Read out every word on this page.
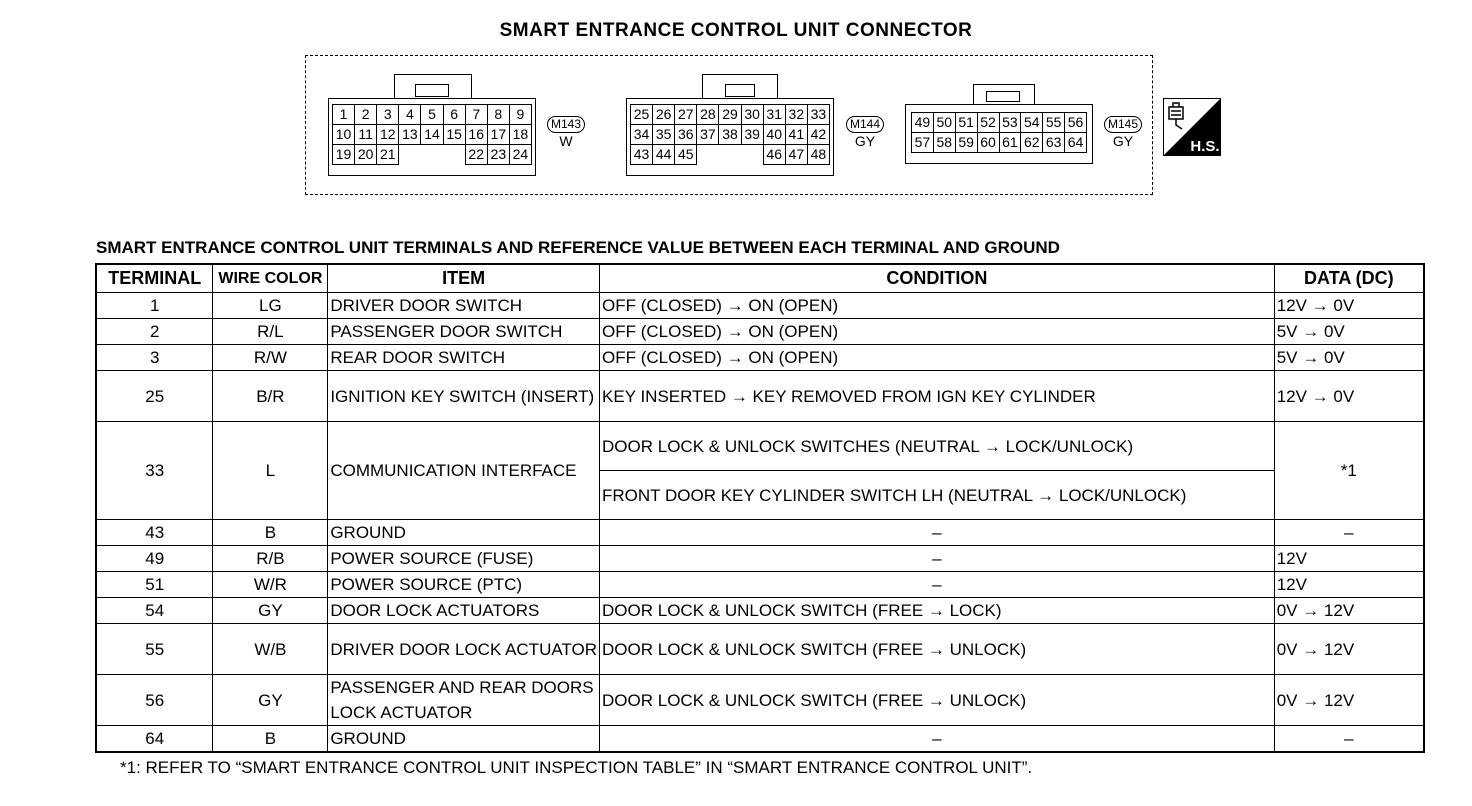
SMART ENTRANCE CONTROL UNIT CONNECTOR
1	2	3	4	5	6	7	8	9
10	11	12	13	14	15	16	17	18
19	20	21				22	23	24
M143
W
25	26	27	28	29	30	31	32	33
34	35	36	37	38	39	40	41	42
43	44	45				46	47	48
M144
GY
49	50	51	52	53	54	55	56
57	58	59	60	61	62	63	64
M145
GY	H.S.
SMART ENTRANCE CONTROL UNIT TERMINALS AND REFERENCE VALUE BETWEEN EACH TERMINAL AND GROUND
TERMINAL	WIRE COLOR	ITEM	CONDITION	DATA (DC)
1	LG	DRIVER DOOR SWITCH	OFF (CLOSED) → ON (OPEN)	12V → 0V
2	R/L	PASSENGER DOOR SWITCH	OFF (CLOSED) → ON (OPEN)	5V → 0V
3	R/W	REAR DOOR SWITCH	OFF (CLOSED) → ON (OPEN)	5V → 0V
25	B/R	IGNITION KEY SWITCH (INSERT)	KEY INSERTED → KEY REMOVED FROM IGN KEY CYLINDER	12V → 0V
33	L	COMMUNICATION INTERFACE	DOOR LOCK & UNLOCK SWITCHES (NEUTRAL → LOCK/UNLOCK)	*1
			FRONT DOOR KEY CYLINDER SWITCH LH (NEUTRAL → LOCK/UNLOCK)	
43	B	GROUND	–	–
49	R/B	POWER SOURCE (FUSE)	–	12V
51	W/R	POWER SOURCE (PTC)	–	12V
54	GY	DOOR LOCK ACTUATORS	DOOR LOCK & UNLOCK SWITCH (FREE → LOCK)	0V → 12V
55	W/B	DRIVER DOOR LOCK ACTUATOR	DOOR LOCK & UNLOCK SWITCH (FREE → UNLOCK)	0V → 12V
56	GY	PASSENGER AND REAR DOORS LOCK ACTUATOR	DOOR LOCK & UNLOCK SWITCH (FREE → UNLOCK)	0V → 12V
64	B	GROUND	–	–
*1: REFER TO “SMART ENTRANCE CONTROL UNIT INSPECTION TABLE” IN “SMART ENTRANCE CONTROL UNIT”.
